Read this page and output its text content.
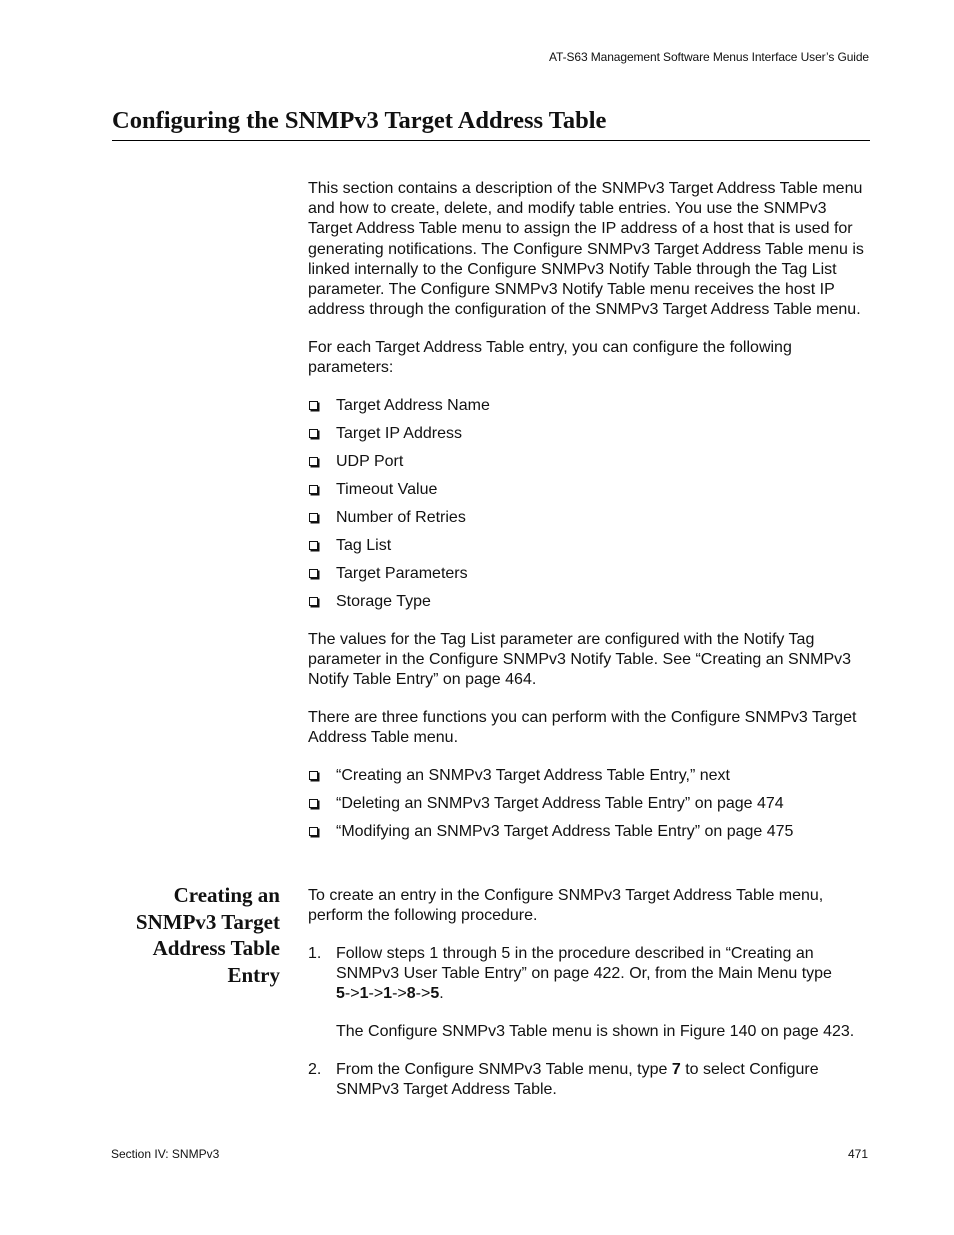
AT-S63 Management Software Menus Interface User’s Guide
Configuring the SNMPv3 Target Address Table

This section contains a description of the SNMPv3 Target Address Table menu and how to create, delete, and modify table entries. You use the SNMPv3 Target Address Table menu to assign the IP address of a host that is used for generating notifications. The Configure SNMPv3 Target Address Table menu is linked internally to the Configure SNMPv3 Notify Table through the Tag List parameter. The Configure SNMPv3 Notify Table menu receives the host IP address through the configuration of the SNMPv3 Target Address Table menu.

For each Target Address Table entry, you can configure the following parameters:

Target Address Name
Target IP Address
UDP Port
Timeout Value
Number of Retries
Tag List
Target Parameters
Storage Type

The values for the Tag List parameter are configured with the Notify Tag parameter in the Configure SNMPv3 Notify Table. See “Creating an SNMPv3 Notify Table Entry” on page 464.

There are three functions you can perform with the Configure SNMPv3 Target Address Table menu.

“Creating an SNMPv3 Target Address Table Entry,” next
“Deleting an SNMPv3 Target Address Table Entry” on page 474
“Modifying an SNMPv3 Target Address Table Entry” on page 475
Creating an
SNMPv3 Target
Address Table
Entry

To create an entry in the Configure SNMPv3 Target Address Table menu, perform the following procedure.

1. Follow steps 1 through 5 in the procedure described in “Creating an SNMPv3 User Table Entry” on page 422. Or, from the Main Menu type
5->1->1->8->5.

The Configure SNMPv3 Table menu is shown in Figure 140 on page 423.

2. From the Configure SNMPv3 Table menu, type 7 to select Configure SNMPv3 Target Address Table.

Section IV: SNMPv3	471
